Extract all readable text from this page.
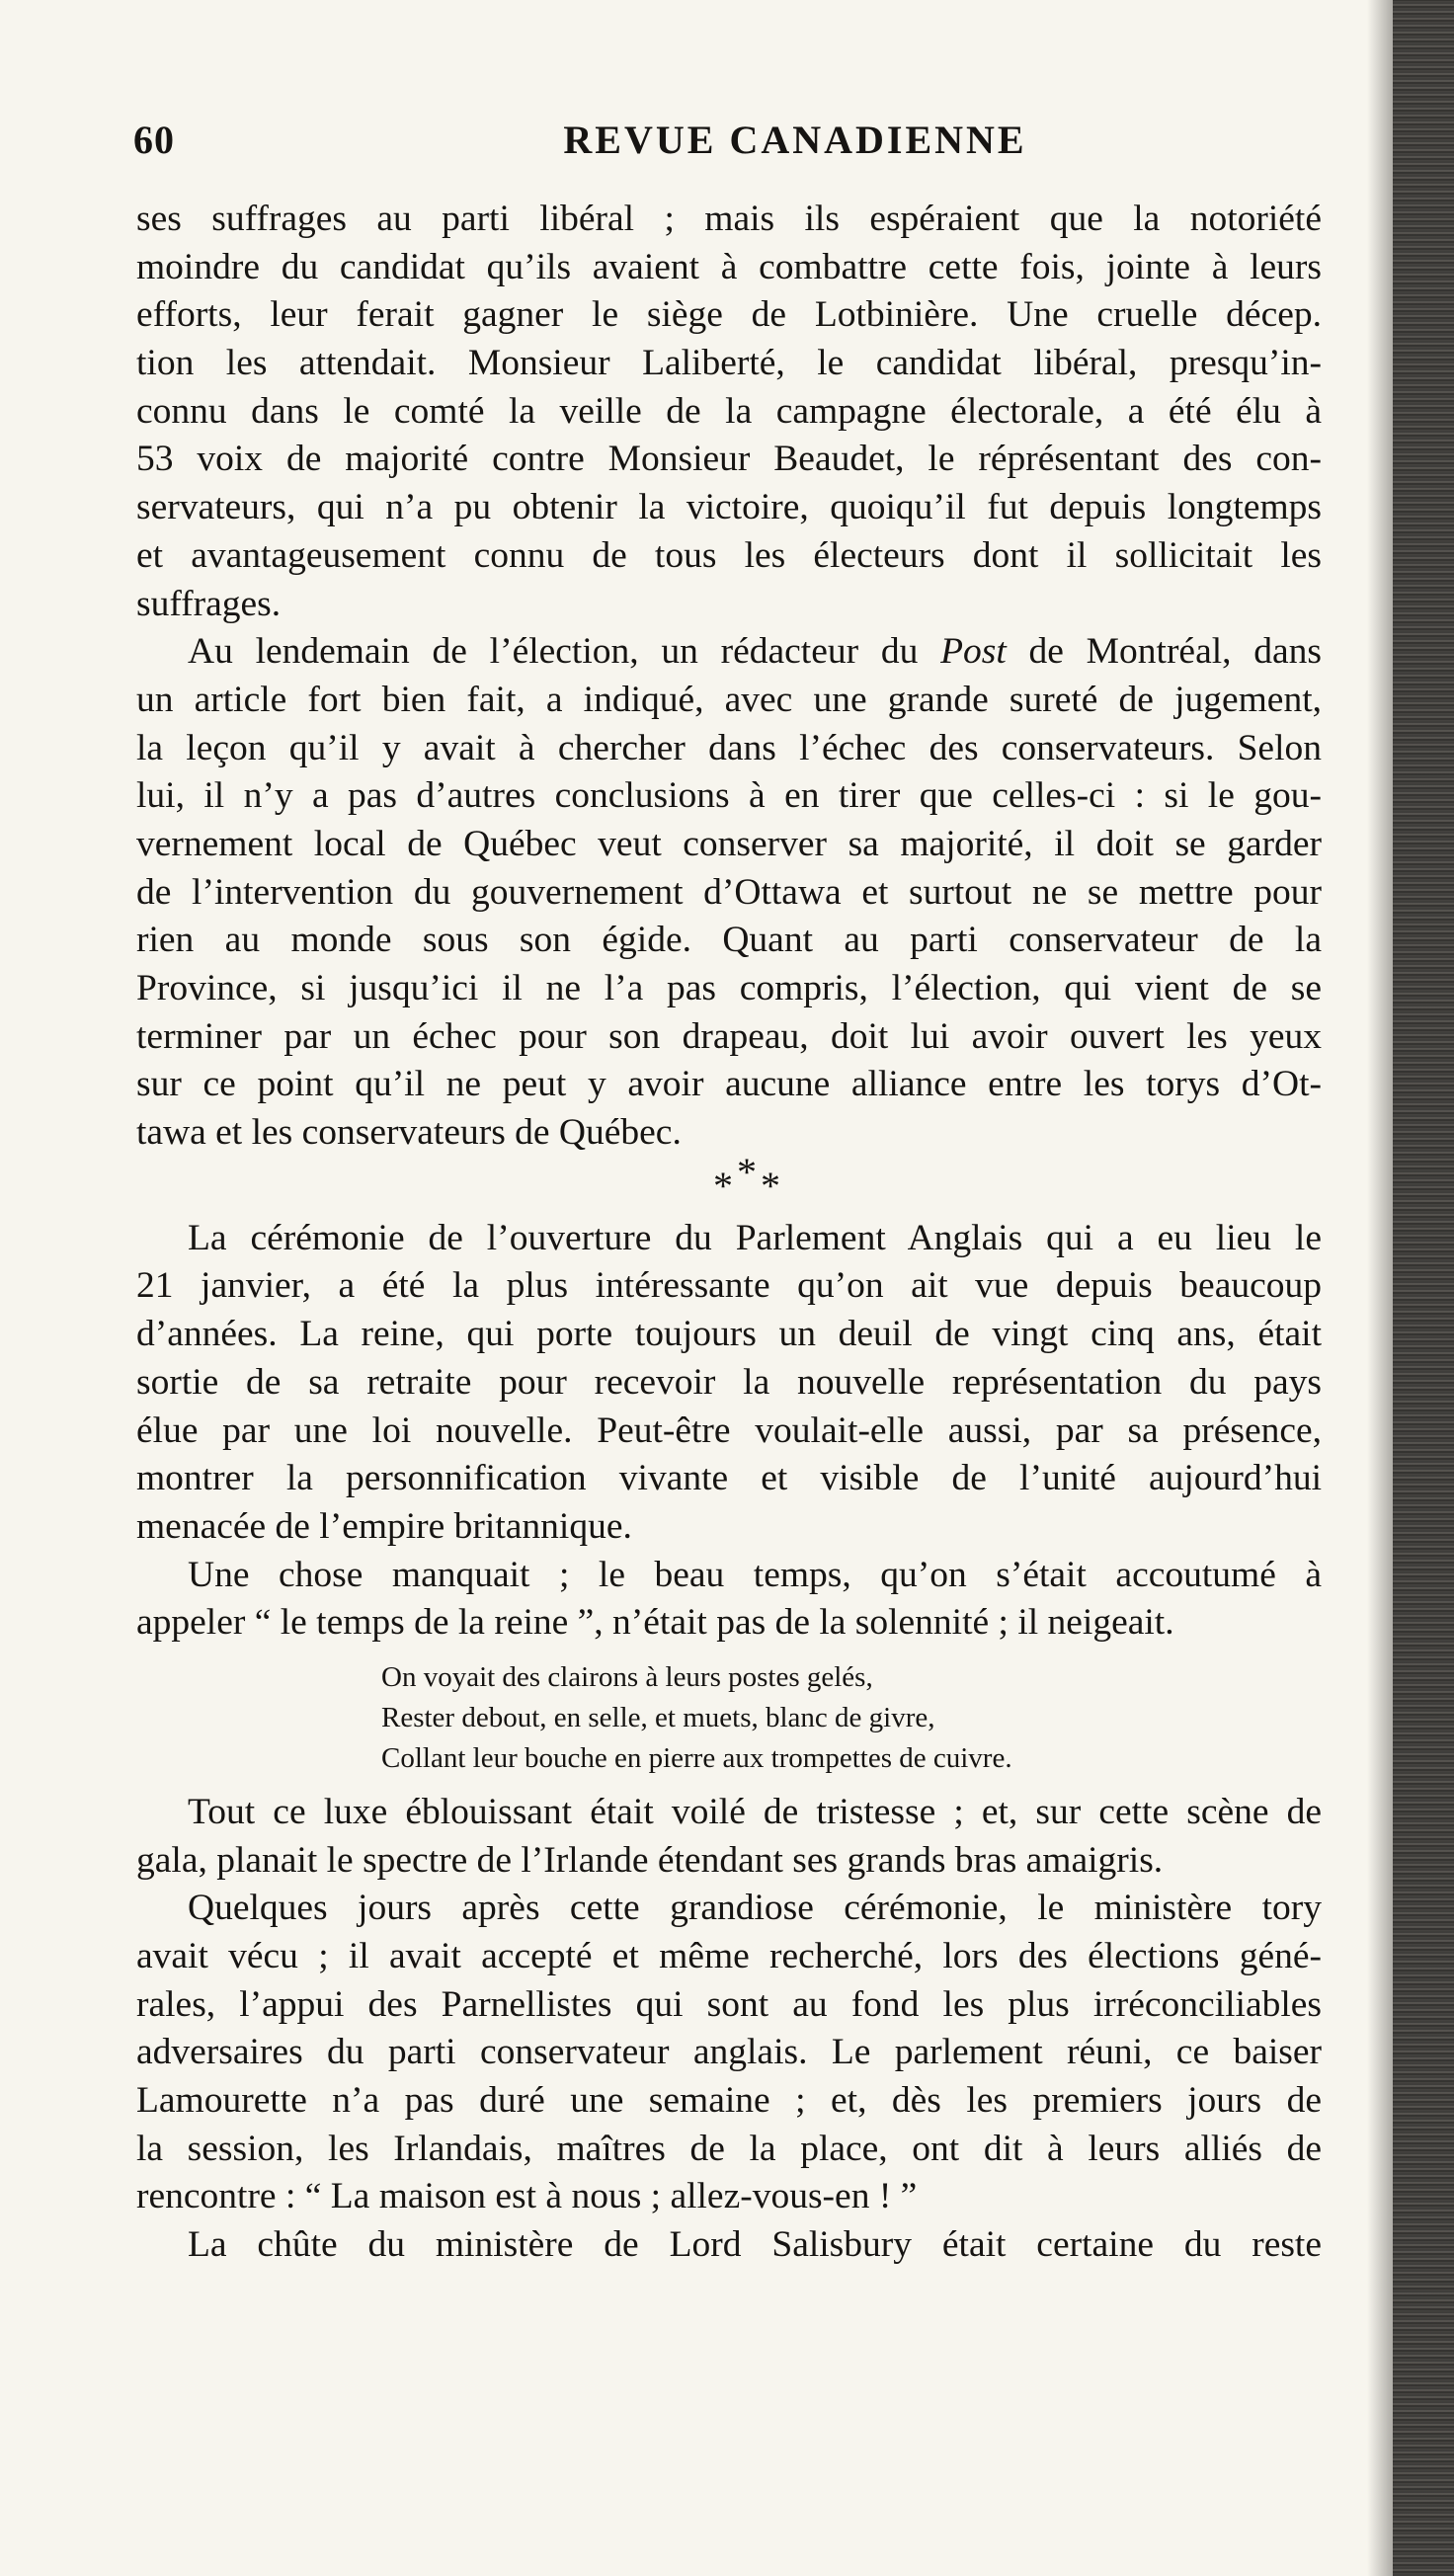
60	REVUE CANADIENNE
ses suffrages au parti libéral ; mais ils espéraient que la notoriété
moindre du candidat qu’ils avaient à combattre cette fois, jointe à leurs
efforts, leur ferait gagner le siège de Lotbinière. Une cruelle décep.
tion les attendait. Monsieur Laliberté, le candidat libéral, presqu’in-
connu dans le comté la veille de la campagne électorale, a été élu à
53 voix de majorité contre Monsieur Beaudet, le réprésentant des con-
servateurs, qui n’a pu obtenir la victoire, quoiqu’il fut depuis longtemps
et avantageusement connu de tous les électeurs dont il sollicitait les
suffrages.
Au lendemain de l’élection, un rédacteur du Post de Montréal, dans
un article fort bien fait, a indiqué, avec une grande sureté de jugement,
la leçon qu’il y avait à chercher dans l’échec des conservateurs. Selon
lui, il n’y a pas d’autres conclusions à en tirer que celles-ci : si le gou-
vernement local de Québec veut conserver sa majorité, il doit se garder
de l’intervention du gouvernement d’Ottawa et surtout ne se mettre pour
rien au monde sous son égide. Quant au parti conservateur de la
Province, si jusqu’ici il ne l’a pas compris, l’élection, qui vient de se
terminer par un échec pour son drapeau, doit lui avoir ouvert les yeux
sur ce point qu’il ne peut y avoir aucune alliance entre les torys d’Ot-
tawa et les conservateurs de Québec.
***
La cérémonie de l’ouverture du Parlement Anglais qui a eu lieu le
21 janvier, a été la plus intéressante qu’on ait vue depuis beaucoup
d’années. La reine, qui porte toujours un deuil de vingt cinq ans, était
sortie de sa retraite pour recevoir la nouvelle représentation du pays
élue par une loi nouvelle. Peut-être voulait-elle aussi, par sa présence,
montrer la personnification vivante et visible de l’unité aujourd’hui
menacée de l’empire britannique.
Une chose manquait ; le beau temps, qu’on s’était accoutumé à
appeler “ le temps de la reine ”, n’était pas de la solennité ; il neigeait.
On voyait des clairons à leurs postes gelés,
Rester debout, en selle, et muets, blanc de givre,
Collant leur bouche en pierre aux trompettes de cuivre.
Tout ce luxe éblouissant était voilé de tristesse ; et, sur cette scène de
gala, planait le spectre de l’Irlande étendant ses grands bras amaigris.
Quelques jours après cette grandiose cérémonie, le ministère tory
avait vécu ; il avait accepté et même recherché, lors des élections géné-
rales, l’appui des Parnellistes qui sont au fond les plus irréconciliables
adversaires du parti conservateur anglais. Le parlement réuni, ce baiser
Lamourette n’a pas duré une semaine ; et, dès les premiers jours de
la session, les Irlandais, maîtres de la place, ont dit à leurs alliés de
rencontre : “ La maison est à nous ; allez-vous-en ! ”
La chûte du ministère de Lord Salisbury était certaine du reste
